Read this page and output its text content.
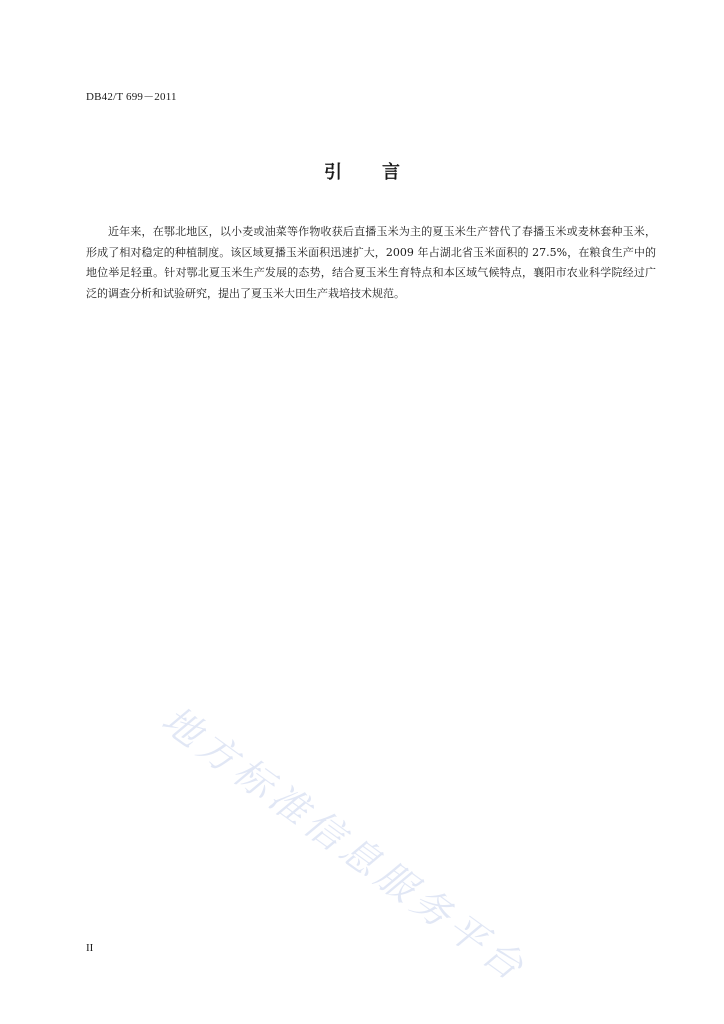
DB42/T 699－2011
引 言

近年来，在鄂北地区，以小麦或油菜等作物收获后直播玉米为主的夏玉米生产替代了春播玉米或麦林套种玉米，形成了相对稳定的种植制度。该区域夏播玉米面积迅速扩大，2009 年占湖北省玉米面积的 27.5%，在粮食生产中的地位举足轻重。针对鄂北夏玉米生产发展的态势，结合夏玉米生育特点和本区域气候特点，襄阳市农业科学院经过广泛的调查分析和试验研究，提出了夏玉米大田生产栽培技术规范。

地方标准信息服务平台
II
